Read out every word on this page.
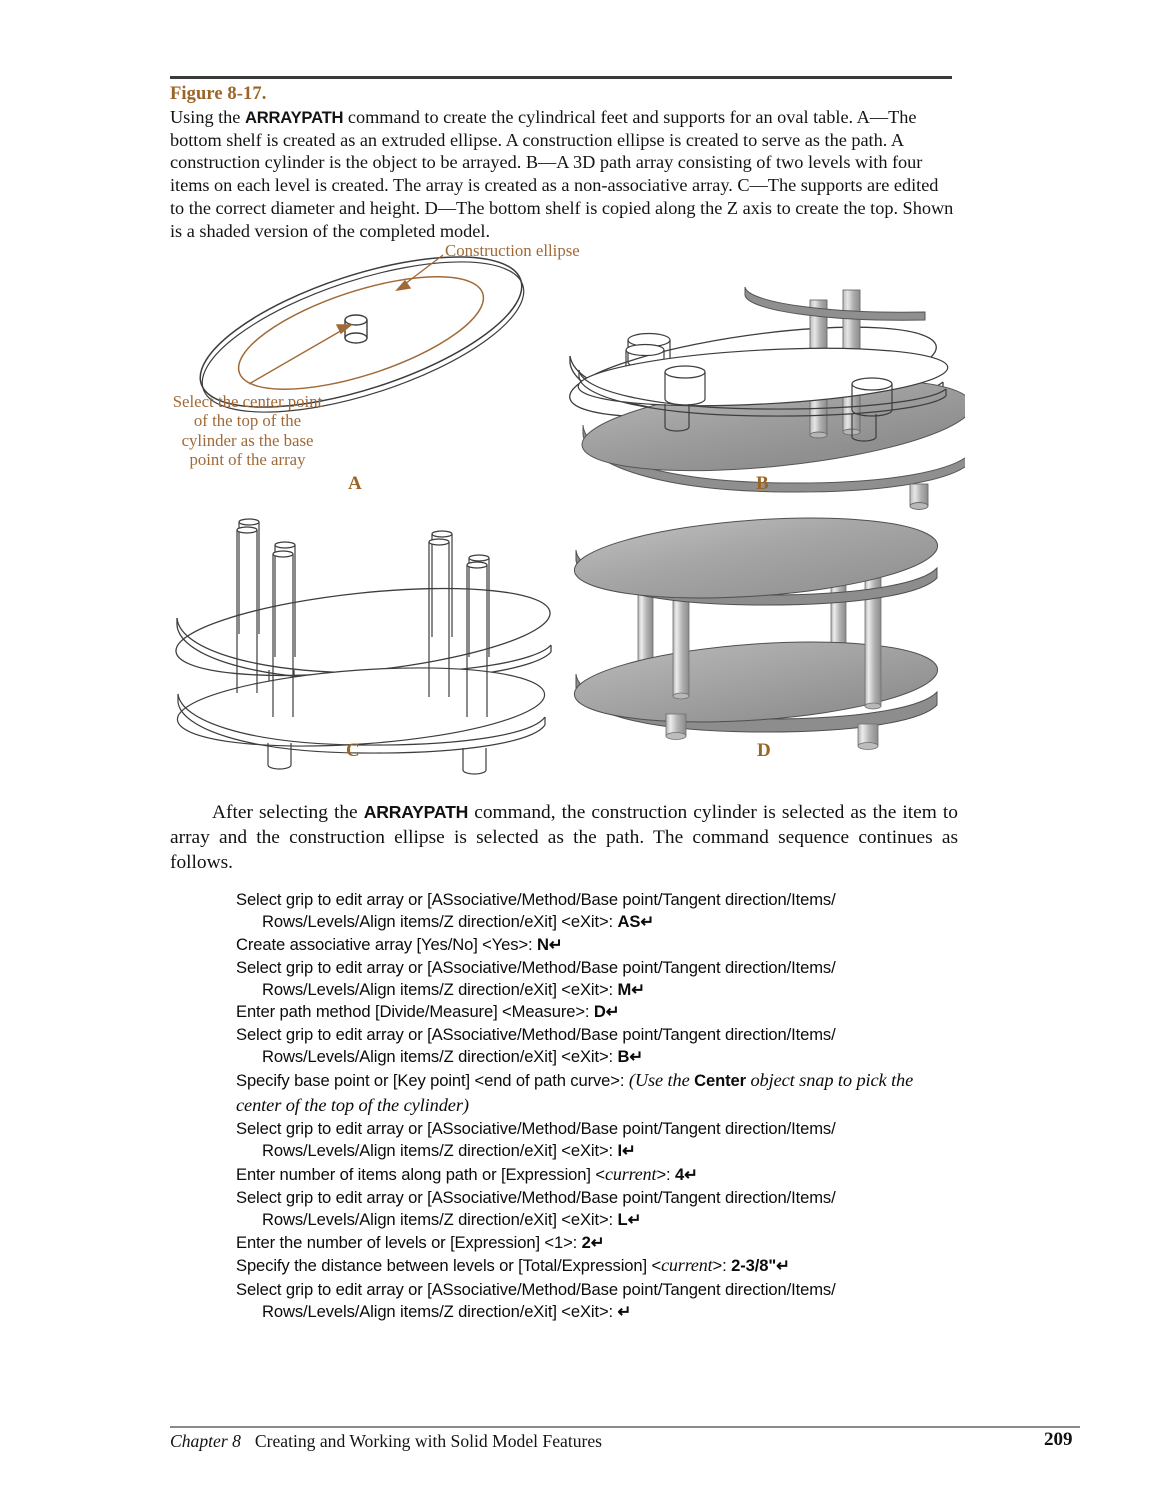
Figure 8-17.
Using the ARRAYPATH command to create the cylindrical feet and supports for an oval table. A—The bottom shelf is created as an extruded ellipse. A construction ellipse is created to serve as the path. A construction cylinder is the object to be arrayed. B—A 3D path array consisting of two levels with four items on each level is created. The array is created as a non-associative array. C—The supports are edited to the correct diameter and height. D—The bottom shelf is copied along the Z axis to create the top. Shown is a shaded version of the completed model.
Construction ellipse
Select the center point of the top of the cylinder as the base point of the array
A	B
C	D
After selecting the ARRAYPATH command, the construction cylinder is selected as the item to array and the construction ellipse is selected as the path. The command sequence continues as follows.
Select grip to edit array or [ASsociative/Method/Base point/Tangent direction/Items/
Rows/Levels/Align items/Z direction/eXit] <eXit>: AS↵
Create associative array [Yes/No] <Yes>: N↵
Select grip to edit array or [ASsociative/Method/Base point/Tangent direction/Items/
Rows/Levels/Align items/Z direction/eXit] <eXit>: M↵
Enter path method [Divide/Measure] <Measure>: D↵
Select grip to edit array or [ASsociative/Method/Base point/Tangent direction/Items/
Rows/Levels/Align items/Z direction/eXit] <eXit>: B↵
Specify base point or [Key point] <end of path curve>: (Use the Center object snap to pick the center of the top of the cylinder)
Select grip to edit array or [ASsociative/Method/Base point/Tangent direction/Items/
Rows/Levels/Align items/Z direction/eXit] <eXit>: I↵
Enter number of items along path or [Expression] <current>: 4↵
Select grip to edit array or [ASsociative/Method/Base point/Tangent direction/Items/
Rows/Levels/Align items/Z direction/eXit] <eXit>: L↵
Enter the number of levels or [Expression] <1>: 2↵
Specify the distance between levels or [Total/Expression] <current>: 2-3/8"↵
Select grip to edit array or [ASsociative/Method/Base point/Tangent direction/Items/
Rows/Levels/Align items/Z direction/eXit] <eXit>: ↵
Chapter 8 Creating and Working with Solid Model Features	209
